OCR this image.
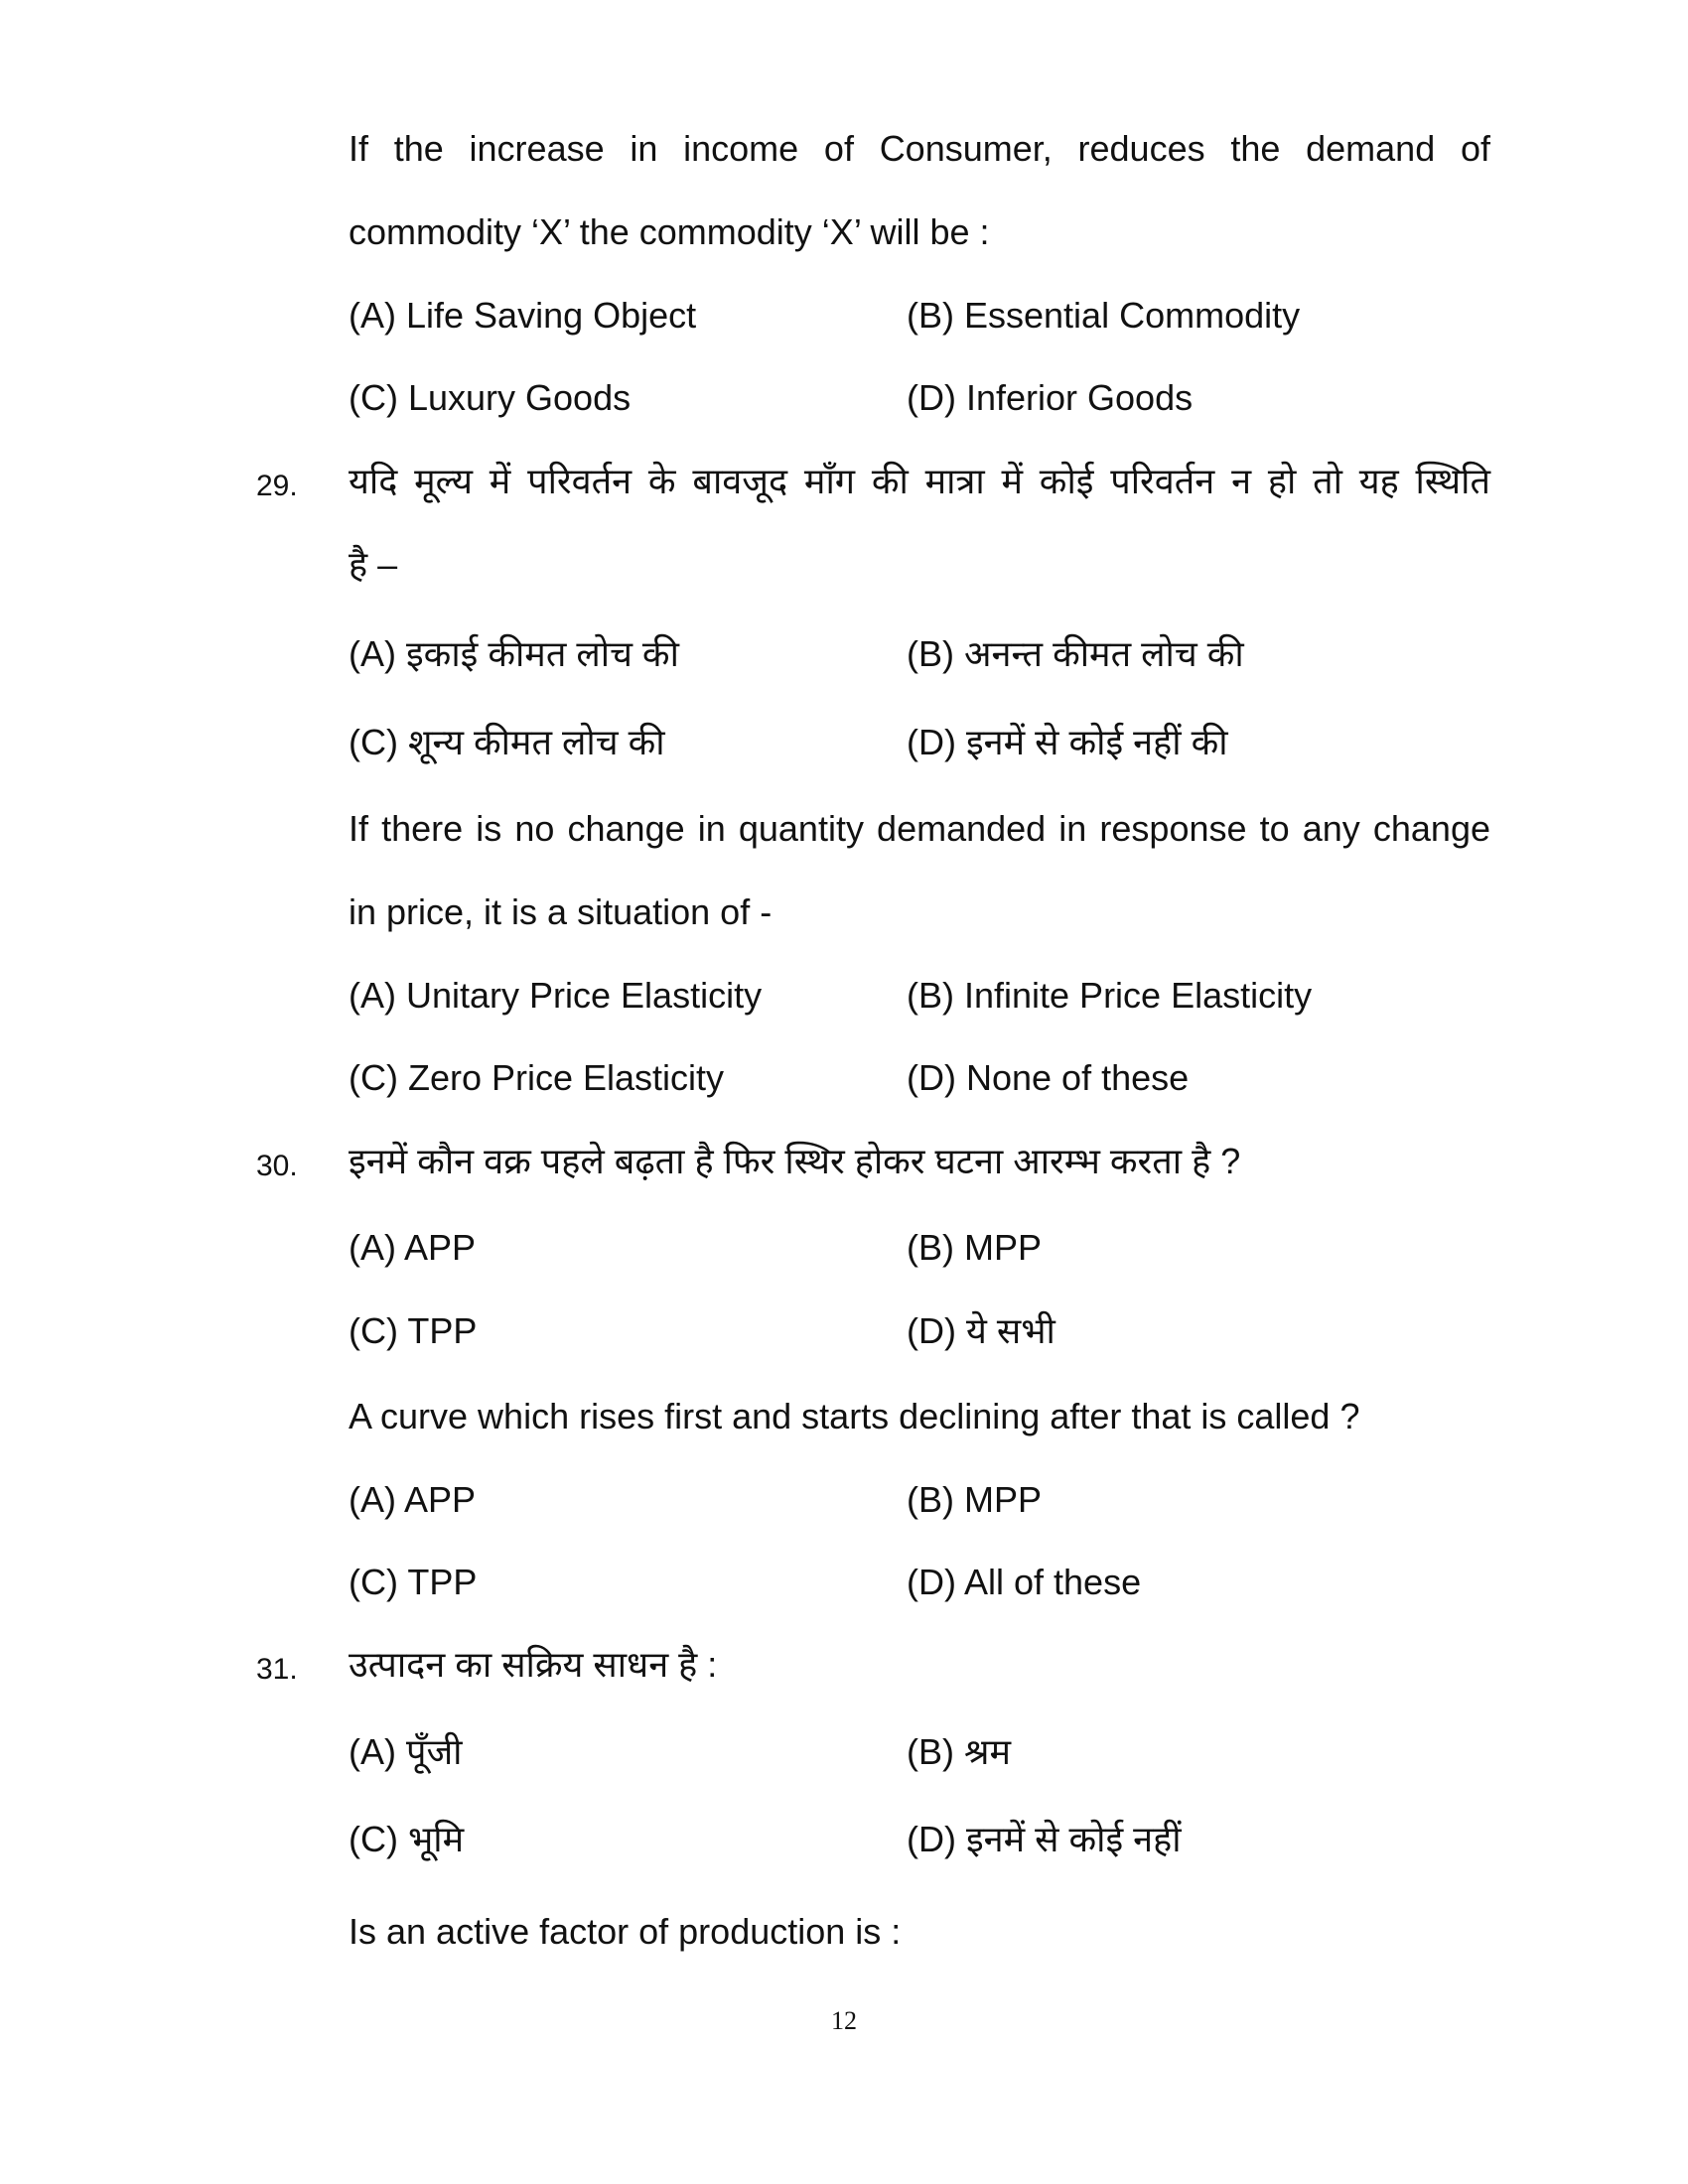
If the increase in income of Consumer, reduces the demand of
commodity ‘X’ the commodity ‘X’ will be :
(A) Life Saving Object	(B) Essential Commodity
(C) Luxury Goods	(D) Inferior Goods
29. यदि मूल्य में परिवर्तन के बावजूद माँग की मात्रा में कोई परिवर्तन न हो तो यह स्थिति
है –
(A) इकाई कीमत लोच की	(B) अनन्त कीमत लोच की
(C) शून्य कीमत लोच की	(D) इनमें से कोई नहीं की
If there is no change in quantity demanded in response to any change
in price, it is a situation of -
(A) Unitary Price Elasticity	(B) Infinite Price Elasticity
(C) Zero Price Elasticity	(D) None of these
30. इनमें कौन वक्र पहले बढ़ता है फिर स्थिर होकर घटना आरम्भ करता है ?
(A) APP	(B) MPP
(C) TPP	(D) ये सभी
A curve which rises first and starts declining after that is called ?
(A) APP	(B) MPP
(C) TPP	(D) All of these
31. उत्पादन का सक्रिय साधन है :
(A) पूँजी	(B) श्रम
(C) भूमि	(D) इनमें से कोई नहीं
Is an active factor of production is :
12
